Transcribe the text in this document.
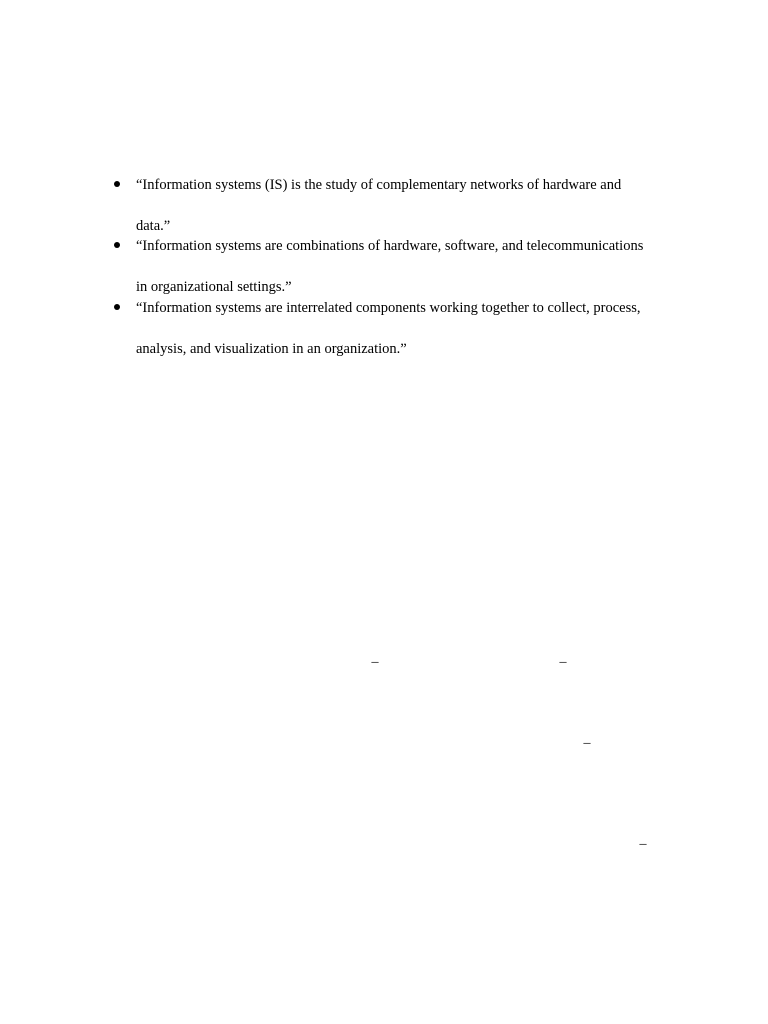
“Information systems (IS) is the study of complementary networks of hardware and
data.”
“Information systems are combinations of hardware, software, and telecommunications
in organizational settings.”
“Information systems are interrelated components working together to collect, process,
analysis, and visualization in an organization.”
_	_
_
_
